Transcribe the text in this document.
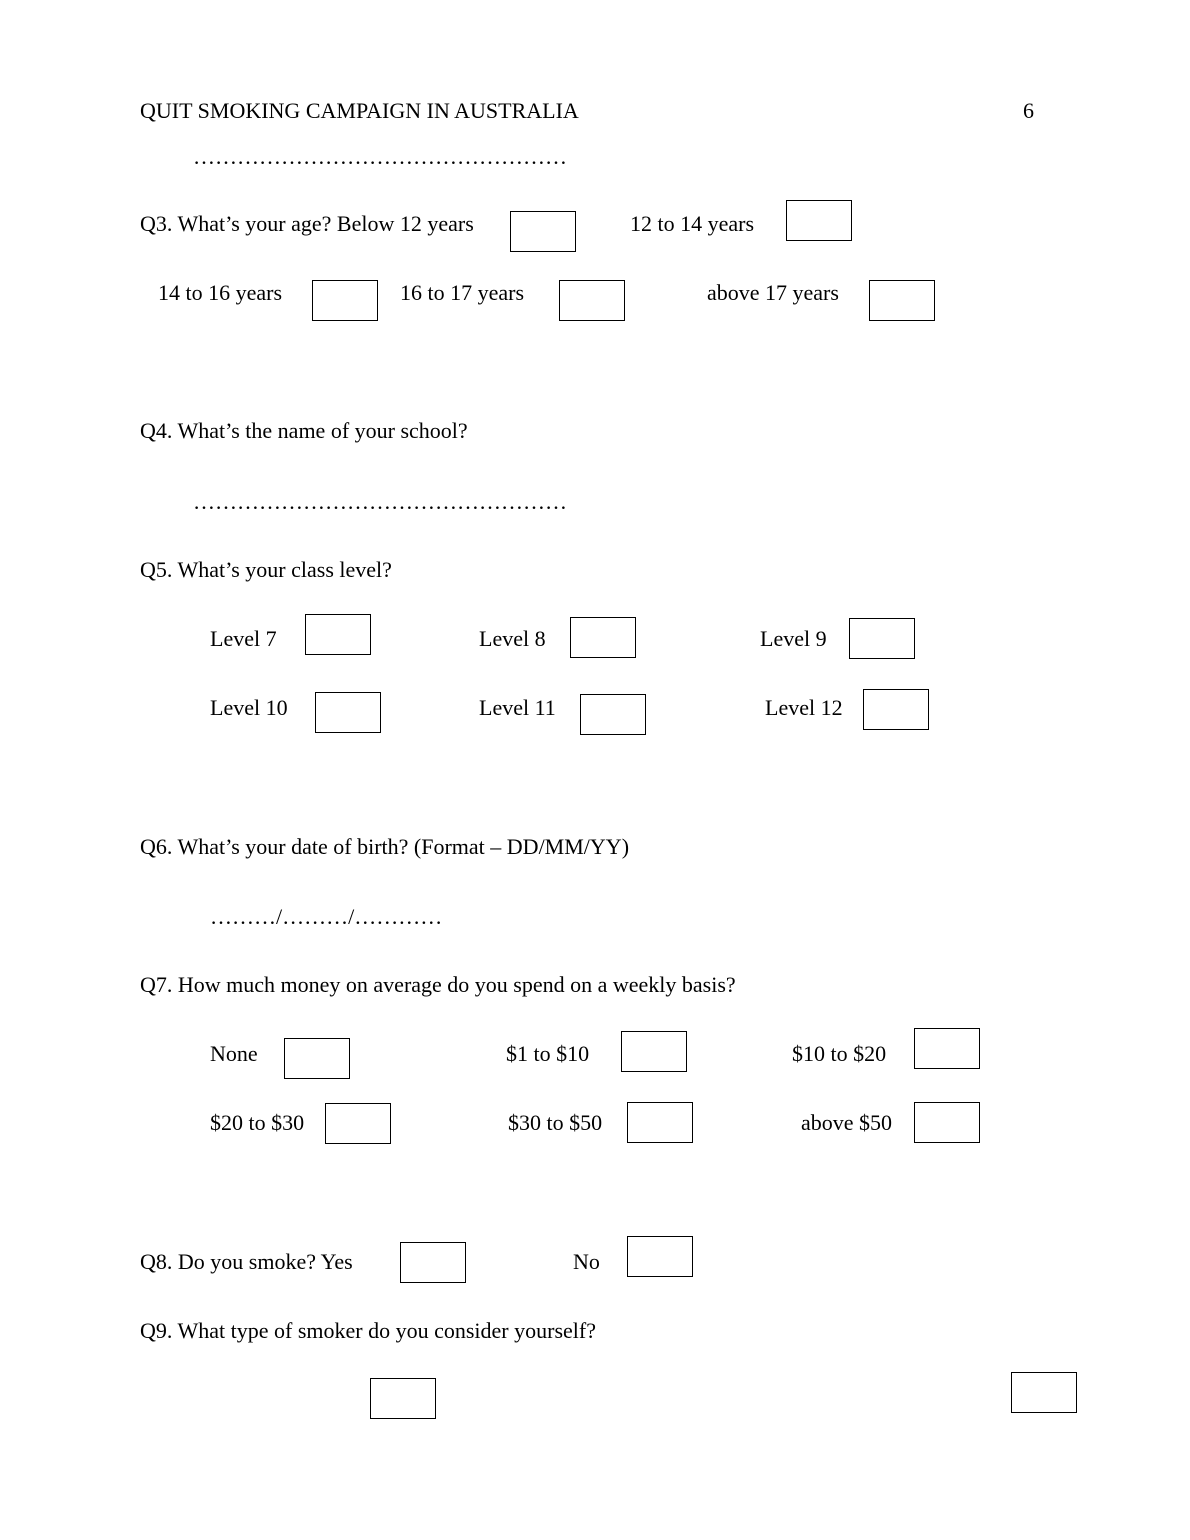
QUIT SMOKING CAMPAIGN IN AUSTRALIA	6
……………………………………………
Q3. What’s your age? Below 12 years	12 to 14 years
14 to 16 years	16 to 17 years	above 17 years
Q4. What’s the name of your school?
……………………………………………
Q5. What’s your class level?
Level 7	Level 8	Level 9
Level 10	Level 11	Level 12
Q6. What’s your date of birth? (Format – DD/MM/YY)
………/………/…………
Q7. How much money on average do you spend on a weekly basis?
None	$1 to $10	$10 to $20
$20 to $30	$30 to $50	above $50
Q8. Do you smoke? Yes	No
Q9. What type of smoker do you consider yourself?
